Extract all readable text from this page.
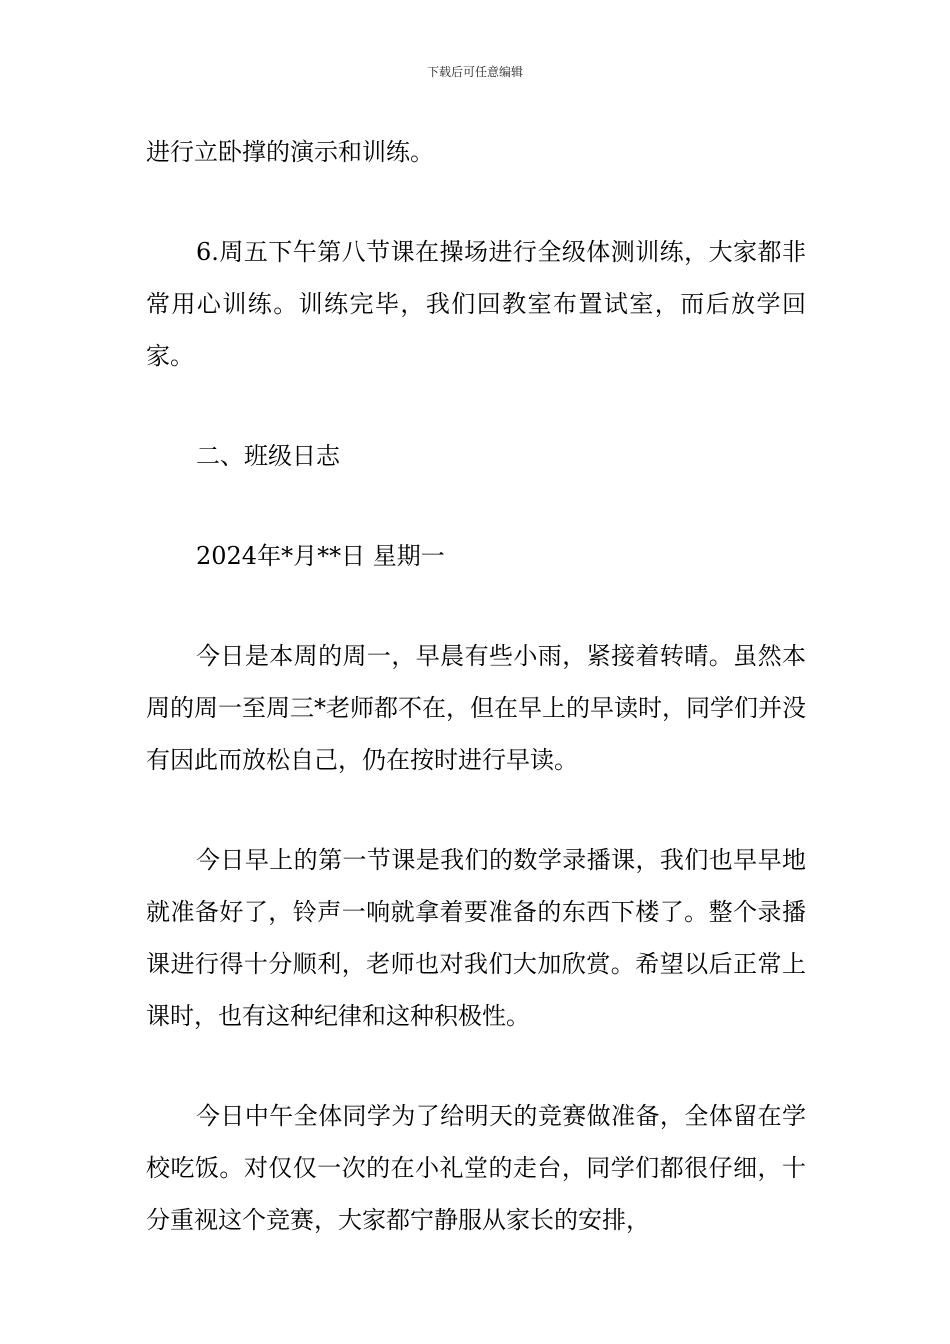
下载后可任意编辑

进行立卧撑的演示和训练。

6.周五下午第八节课在操场进行全级体测训练，大家都非常用心训练。训练完毕，我们回教室布置试室，而后放学回家。

二、班级日志

2024年*月**日 星期一

今日是本周的周一，早晨有些小雨，紧接着转晴。虽然本周的周一至周三*老师都不在，但在早上的早读时，同学们并没有因此而放松自己，仍在按时进行早读。

今日早上的第一节课是我们的数学录播课，我们也早早地就准备好了，铃声一响就拿着要准备的东西下楼了。整个录播课进行得十分顺利，老师也对我们大加欣赏。希望以后正常上课时，也有这种纪律和这种积极性。

今日中午全体同学为了给明天的竞赛做准备，全体留在学校吃饭。对仅仅一次的在小礼堂的走台，同学们都很仔细，十分重视这个竞赛，大家都宁静服从家长的安排，
